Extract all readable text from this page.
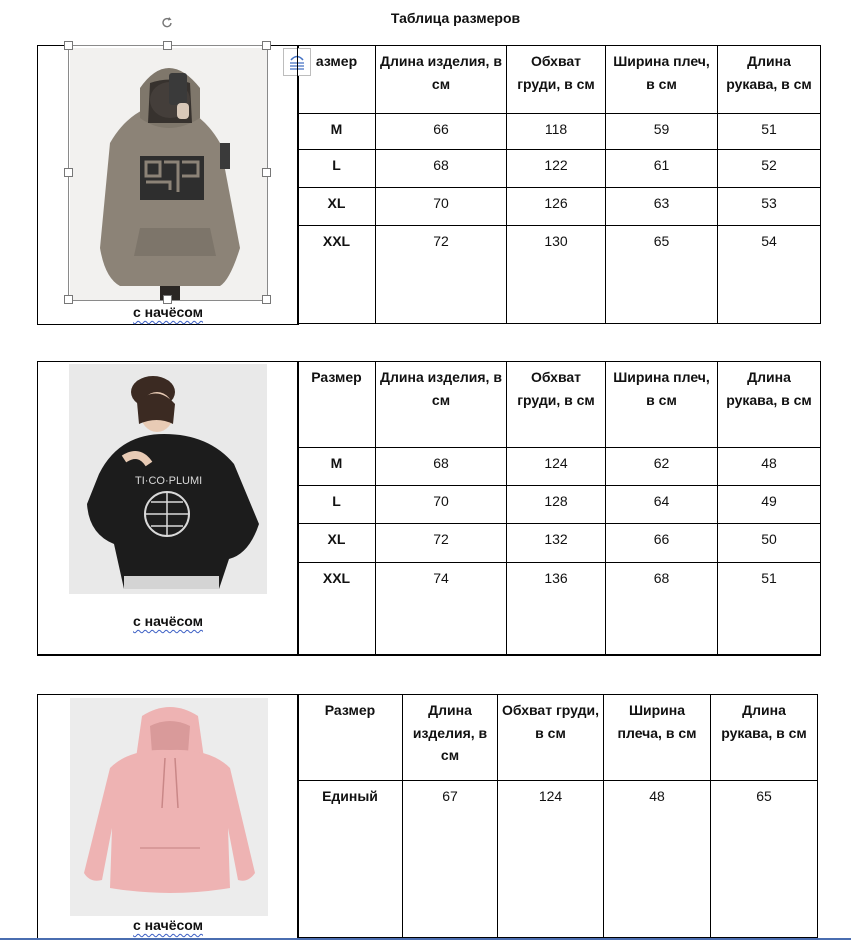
Таблица размеров
с начёсом
азмер	Длина изделия, в см	Обхват груди, в см	Ширина плеч, в см	Длина рукава, в см
M	66	118	59	51
L	68	122	61	52
XL	70	126	63	53
XXL	72	130	65	54
TI·CO·PLUMI
с начёсом
Размер	Длина изделия, в см	Обхват груди, в см	Ширина плеч, в см	Длина рукава, в см
M	68	124	62	48
L	70	128	64	49
XL	72	132	66	50
XXL	74	136	68	51
с начёсом
Размер	Длина изделия, в см	Обхват груди, в см	Ширина плеча, в см	Длина рукава, в см
Единый	67	124	48	65
